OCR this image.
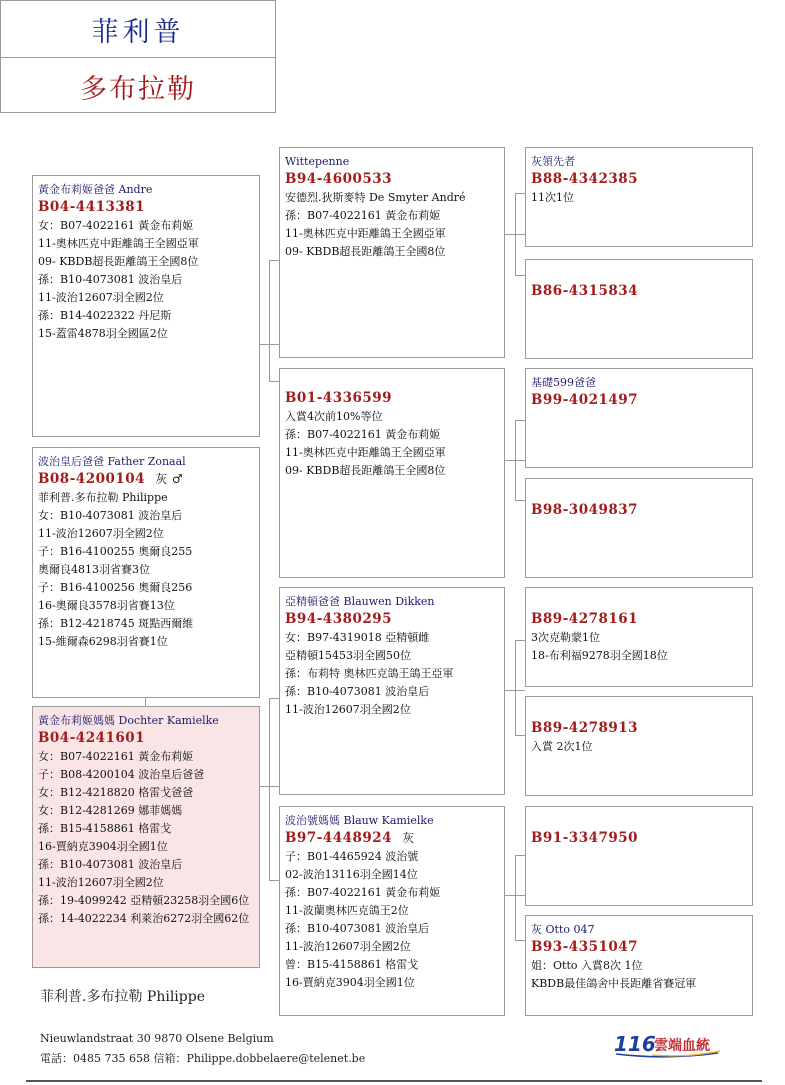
菲利普
多布拉勒
黃金布莉姬爸爸 Andre
B04-4413381
女：B07-4022161 黃金布莉姬
11-奧林匹克中距離鴿王全國亞軍
09- KBDB超長距離鴿王全國8位
孫：B10-4073081 波治皇后
11-波治12607羽全國2位
孫：B14-4022322 丹尼斯
15-蓋雷4878羽全國區2位
波治皇后爸爸 Father Zonaal
B08-4200104 灰 ♂
菲利普.多布拉勒 Philippe
女：B10-4073081 波治皇后
11-波治12607羽全國2位
子：B16-4100255 奧爾良255
奧爾良4813羽省賽3位
子：B16-4100256 奧爾良256
16-奧爾良3578羽省賽13位
孫：B12-4218745 斑點西爾維
15-維爾森6298羽省賽1位
黃金布莉姬媽媽 Dochter Kamielke
B04-4241601
女：B07-4022161 黃金布莉姬
子：B08-4200104 波治皇后爸爸
女：B12-4218820 格雷戈爸爸
女：B12-4281269 娜菲媽媽
孫：B15-4158861 格雷戈
16-賈納克3904羽全國1位
孫：B10-4073081 波治皇后
11-波治12607羽全國2位
孫：19-4099242 亞精頓23258羽全國6位
孫：14-4022234 利萊治6272羽全國62位
Wittepenne
B94-4600533
安德烈.狄斯麥特 De Smyter André
孫：B07-4022161 黃金布莉姬
11-奧林匹克中距離鴿王全國亞軍
09- KBDB超長距離鴿王全國8位
B01-4336599
入賞4次前10%等位
孫：B07-4022161 黃金布莉姬
11-奧林匹克中距離鴿王全國亞軍
09- KBDB超長距離鴿王全國8位
亞精頓爸爸 Blauwen Dikken
B94-4380295
女：B97-4319018 亞精頓雌
亞精頓15453羽全國50位
孫：布莉特 奧林匹克鴿王鴿王亞軍
孫：B10-4073081 波治皇后
11-波治12607羽全國2位
波治號媽媽 Blauw Kamielke
B97-4448924 灰
子：B01-4465924 波治號
02-波治13116羽全國14位
孫：B07-4022161 黃金布莉姬
11-波蘭奧林匹克鴿王2位
孫：B10-4073081 波治皇后
11-波治12607羽全國2位
曾：B15-4158861 格雷戈
16-賈納克3904羽全國1位
灰領先者
B88-4342385
11次1位
B86-4315834
基礎599爸爸
B99-4021497
B98-3049837
B89-4278161
3次克勒蒙1位
18-布利福9278羽全國18位
B89-4278913
入賞 2次1位
B91-3347950
灰 Otto 047
B93-4351047
姐：Otto 入賞8次 1位
KBDB最佳鴿舍中長距離省賽冠軍
菲利普.多布拉勒 Philippe
Nieuwlandstraat 30 9870 Olsene Belgium
電話：0485 735 658 信箱：Philippe.dobbelaere@telenet.be
116
雲端血統
